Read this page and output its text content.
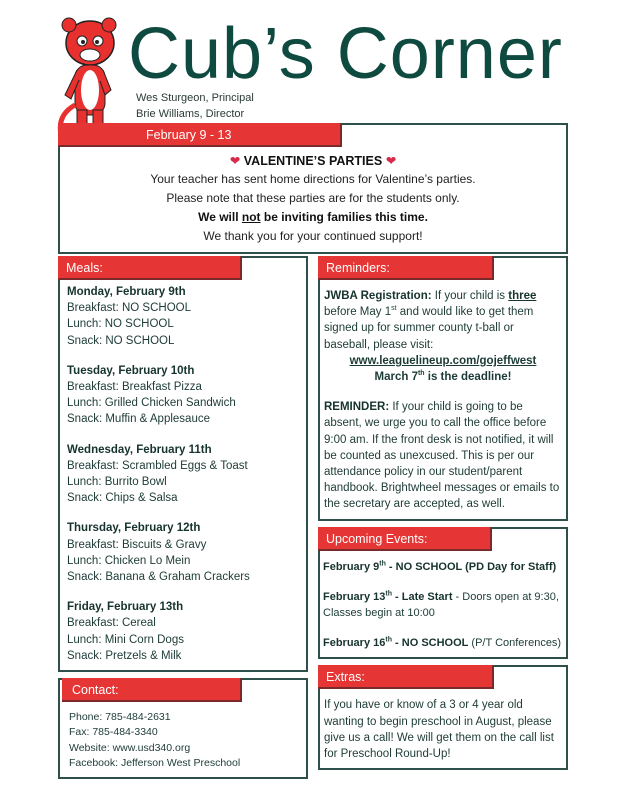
Cub’s Corner
Wes Sturgeon, Principal
Brie Williams, Director
February 9 - 13
❤ VALENTINE’S PARTIES ❤
Your teacher has sent home directions for Valentine’s parties.
Please note that these parties are for the students only.
We will not be inviting families this time.
We thank you for your continued support!
Meals:
Monday, February 9th
Breakfast: NO SCHOOL
Lunch: NO SCHOOL
Snack: NO SCHOOL
Tuesday, February 10th
Breakfast: Breakfast Pizza
Lunch: Grilled Chicken Sandwich
Snack: Muffin & Applesauce
Wednesday, February 11th
Breakfast: Scrambled Eggs & Toast
Lunch: Burrito Bowl
Snack: Chips & Salsa
Thursday, February 12th
Breakfast: Biscuits & Gravy
Lunch: Chicken Lo Mein
Snack: Banana & Graham Crackers
Friday, February 13th
Breakfast: Cereal
Lunch: Mini Corn Dogs
Snack: Pretzels & Milk
Contact:
Phone: 785-484-2631
Fax: 785-484-3340
Website: www.usd340.org
Facebook: Jefferson West Preschool
Reminders:
JWBA Registration: If your child is three before May 1st and would like to get them signed up for summer county t-ball or baseball, please visit:
www.leaguelineup.com/gojeffwest
March 7th is the deadline!
REMINDER: If your child is going to be absent, we urge you to call the office before 9:00 am. If the front desk is not notified, it will be counted as unexcused. This is per our attendance policy in our student/parent handbook. Brightwheel messages or emails to the secretary are accepted, as well.
Upcoming Events:
February 9th - NO SCHOOL (PD Day for Staff)
February 13th - Late Start - Doors open at 9:30, Classes begin at 10:00
February 16th - NO SCHOOL (P/T Conferences)
Extras:
If you have or know of a 3 or 4 year old wanting to begin preschool in August, please give us a call! We will get them on the call list for Preschool Round-Up!
